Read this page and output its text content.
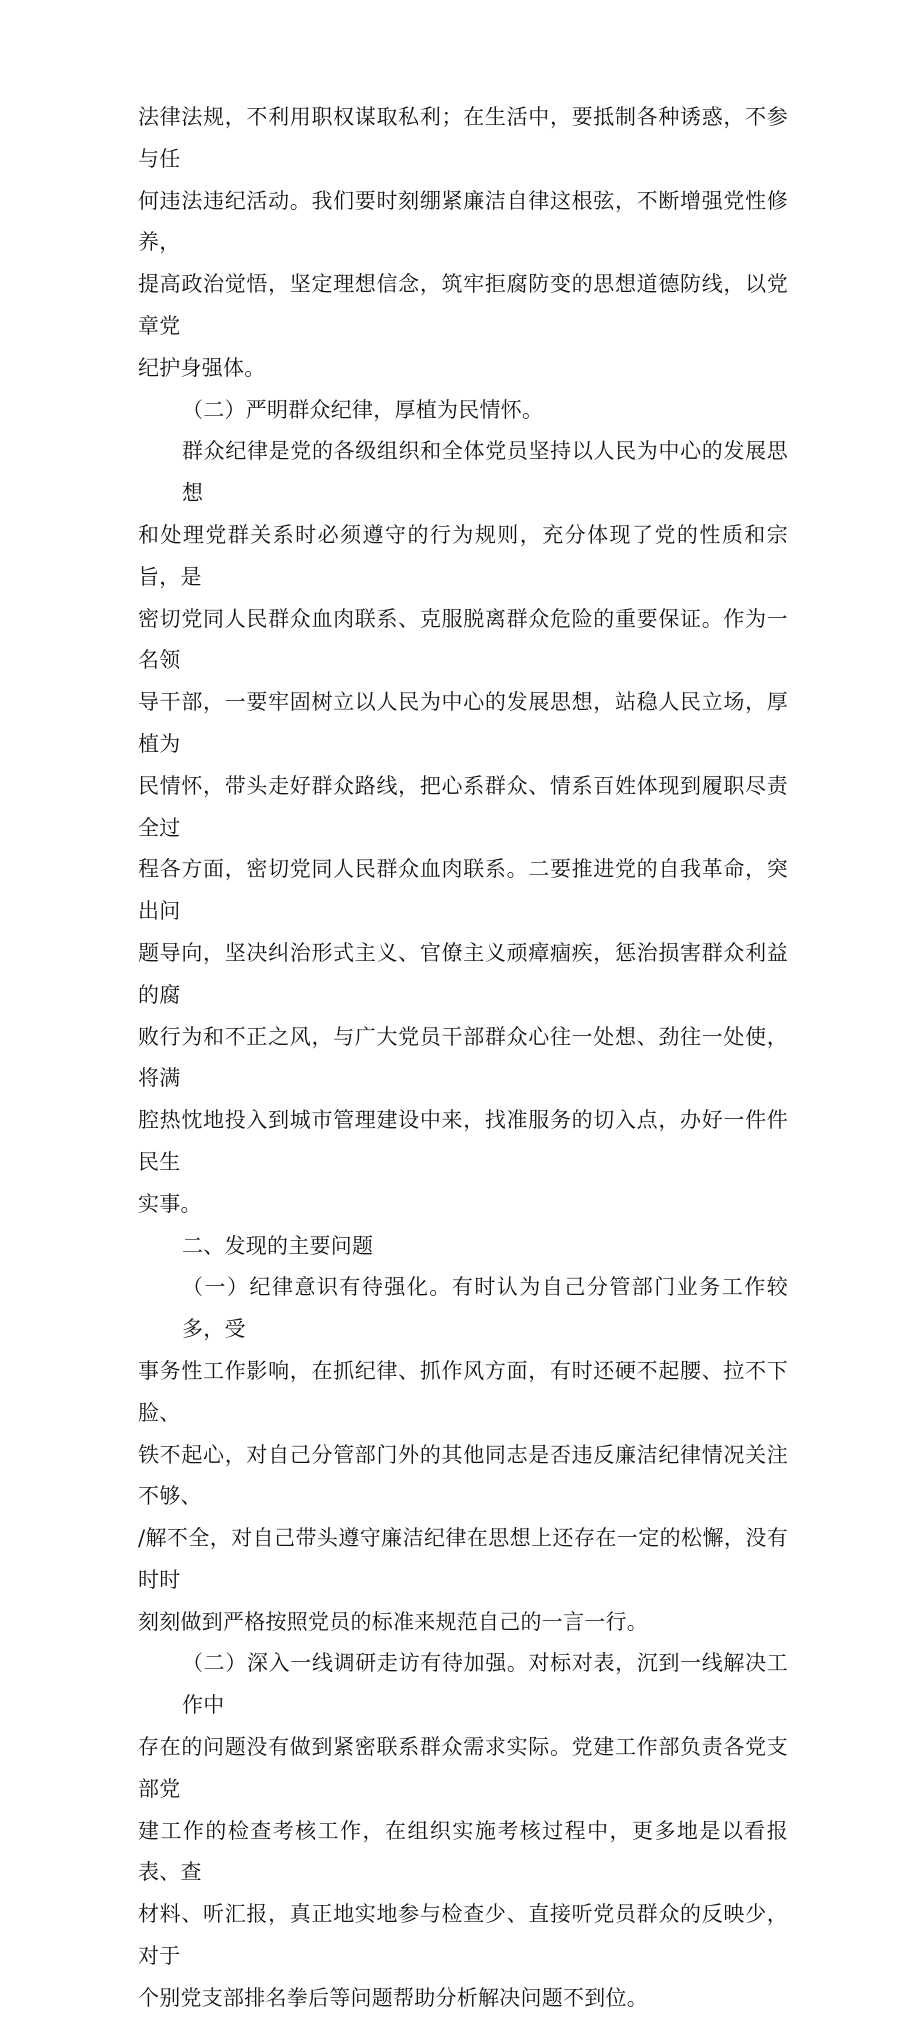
法律法规，不利用职权谋取私利；在生活中，要抵制各种诱惑，不参与任
何违法违纪活动。我们要时刻绷紧廉洁自律这根弦，不断增强党性修养，
提高政治觉悟，坚定理想信念，筑牢拒腐防变的思想道德防线，以党章党
纪护身强体。
（二）严明群众纪律，厚植为民情怀。
群众纪律是党的各级组织和全体党员坚持以人民为中心的发展思想
和处理党群关系时必须遵守的行为规则，充分体现了党的性质和宗旨，是
密切党同人民群众血肉联系、克服脱离群众危险的重要保证。作为一名领
导干部，一要牢固树立以人民为中心的发展思想，站稳人民立场，厚植为
民情怀，带头走好群众路线，把心系群众、情系百姓体现到履职尽责全过
程各方面，密切党同人民群众血肉联系。二要推进党的自我革命，突出问
题导向，坚决纠治形式主义、官僚主义顽瘴痼疾，惩治损害群众利益的腐
败行为和不正之风，与广大党员干部群众心往一处想、劲往一处使，将满
腔热忱地投入到城市管理建设中来，找准服务的切入点，办好一件件民生
实事。
二、发现的主要问题
（一）纪律意识有待强化。有时认为自己分管部门业务工作较多，受
事务性工作影响，在抓纪律、抓作风方面，有时还硬不起腰、拉不下脸、
铁不起心，对自己分管部门外的其他同志是否违反廉洁纪律情况关注不够、
/解不全，对自己带头遵守廉洁纪律在思想上还存在一定的松懈，没有时时
刻刻做到严格按照党员的标准来规范自己的一言一行。
（二）深入一线调研走访有待加强。对标对表，沉到一线解决工作中
存在的问题没有做到紧密联系群众需求实际。党建工作部负责各党支部党
建工作的检查考核工作，在组织实施考核过程中，更多地是以看报表、查
材料、听汇报，真正地实地参与检查少、直接听党员群众的反映少，对于
个别党支部排名拳后等问题帮助分析解决问题不到位。
